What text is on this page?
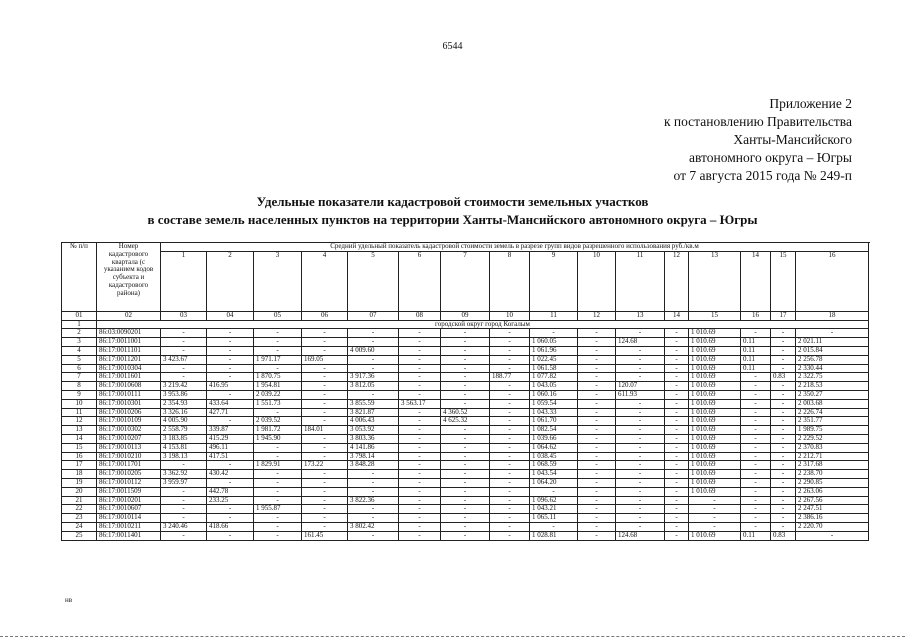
6544
Приложение 2
к постановлению Правительства
Ханты-Мансийского
автономного округа – Югры
от 7 августа 2015 года № 249-п
Удельные показатели кадастровой стоимости земельных участков
в составе земель населенных пунктов на территории Ханты-Мансийского автономного округа – Югры
№ п/п	Номер кадастрового квартала (с указанием кодов субъекта и кадастрового района)	Средний удельный показатель кадастровой стоимости земель в разрезе групп видов разрешенного использования руб./кв.м																
		1	2	3	4	5	6	7	8	9	10	11	12	13	14	15	16	
01	02	03	04	05	06	07	08	09	10	11	12	13	14	15	16	17	18	
1	городской округ город Когалым																	
2	86:03:0090201	-	-	-	-	-	-	-	-	-	-	-	-	1 010.69	-	-	-	
3	86:17:0011001	-	-	-	-	-	-	-	-	1 060.05	-	124.68	-	1 010.69	0.11	-	2 021.11	
4	86:17:0011101	-	-	-	-	4 009.60	-	-	-	1 061.96	-	-	-	1 010.69	0.11	-	2 015.84	
5	86:17:0011201	3 423.67	-	1 971.17	169.05	-	-	-	-	1 022.45	-	-	-	1 010.69	0.11	-	2 256.78	
6	86:17:0010304	-	-	-	-	-	-	-	-	1 061.58	-	-	-	1 010.69	0.11	-	2 330.44	
7	86:17:0011601	-	-	1 870.75	-	3 917.36	-	-	188.77	1 077.82	-	-	-	1 010.69	-	0.83	2 322.75	
8	86:17:0010608	3 219.42	416.95	1 954.81	-	3 812.05	-	-	-	1 043.05	-	120.07	-	1 010.69	-	-	2 218.53	
9	86:17:0010111	3 953.86	-	2 039.22	-	-	-	-	-	1 060.16	-	611.93	-	1 010.69	-	-	2 350.27	
10	86:17:0010301	2 354.93	433.64	1 551.73	-	3 855.59	3 563.17	-	-	1 059.54	-	-	-	1 010.69	-	-	2 003.68	
11	86:17:0010206	3 326.16	427.71	-	-	3 821.87	-	4 360.52	-	1 043.33	-	-	-	1 010.69	-	-	2 226.74	
12	86:17:0010109	4 005.90	-	2 039.52	-	4 006.43	-	4 625.32	-	1 061.70	-	-	-	1 010.69	-	-	2 351.77	
13	86:17:0010302	2 558.79	339.87	1 981.72	184.01	3 053.92	-	-	-	1 082.54	-	-	-	1 010.69	-	-	1 989.75	
14	86:17:0010207	3 183.85	415.29	1 945.90	-	3 803.36	-	-	-	1 039.66	-	-	-	1 010.69	-	-	2 229.52	
15	86:17:0010113	4 153.81	496.11	-	-	4 141.86	-	-	-	1 064.62	-	-	-	1 010.69	-	-	2 370.83	
16	86:17:0010210	3 198.13	417.51	-	-	3 798.14	-	-	-	1 038.45	-	-	-	1 010.69	-	-	2 212.71	
17	86:17:0011701	-	-	1 829.91	173.22	3 848.28	-	-	-	1 068.59	-	-	-	1 010.69	-	-	2 317.68	
18	86:17:0010205	3 362.92	430.42	-	-	-	-	-	-	1 043.54	-	-	-	1 010.69	-	-	2 238.70	
19	86:17:0010112	3 959.97	-	-	-	-	-	-	-	1 064.20	-	-	-	1 010.69	-	-	2 290.85	
20	86:17:0011509	-	442.78	-	-	-	-	-	-	-	-	-	-	1 010.69	-	-	2 263.06	
21	86:17:0010201	-	233.25	-	-	3 822.36	-	-	-	1 096.62	-	-	-	-	-	-	2 267.56	
22	86:17:0010607	-	-	1 955.87	-	-	-	-	-	1 043.21	-	-	-	-	-	-	2 247.51	
23	86:17:0010114	-	-	-	-	-	-	-	-	1 065.11	-	-	-	-	-	-	2 386.16	
24	86:17:0010211	3 240.46	418.66	-	-	3 802.42	-	-	-	-	-	-	-	-	-	-	2 220.70	
25	86:17:0011401	-	-	-	161.45	-	-	-	-	1 028.81	-	124.68	-	1 010.69	0.11	0.83	-	
нв
